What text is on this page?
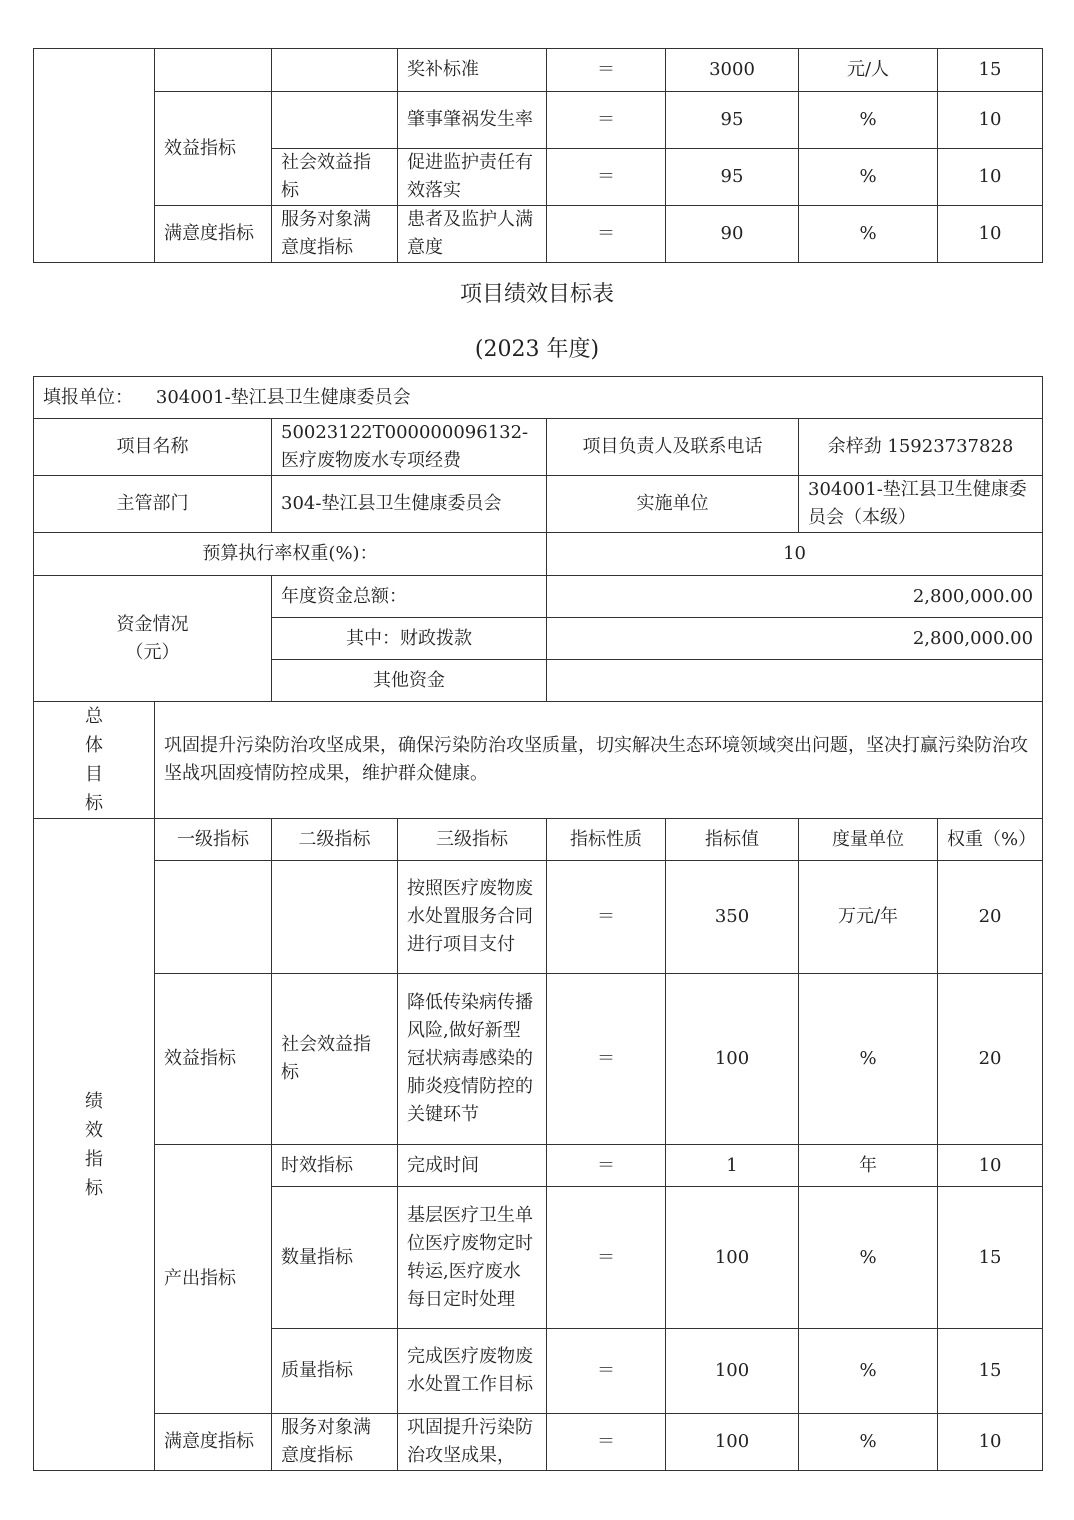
			奖补标准	＝	3000	元/人	15
	效益指标		肇事肇祸发生率	＝	95	%	10
		社会效益指标	促进监护责任有效落实	＝	95	%	10
	满意度指标	服务对象满意度指标	患者及监护人满意度	＝	90	%	10
项目绩效目标表
(2023 年度)
填报单位： 304001-垫江县卫生健康委员会							
项目名称		50023122T000000096132-医疗废物废水专项经费		项目负责人及联系电话		余梓劲 15923737828	
主管部门		304-垫江县卫生健康委员会		实施单位		304001-垫江县卫生健康委员会（本级）	
预算执行率权重(%)：				10			

资金情况（元）		年度资金总额：		2,800,000.00			
		其中：财政拨款		2,800,000.00			
		其他资金					

总
体
目
标	巩固提升污染防治攻坚成果，确保污染防治攻坚质量，切实解决生态环境领域突出问题，坚决打赢污染防治攻坚战巩固疫情防控成果，维护群众健康。						

绩
效
指
标	一级指标	二级指标	三级指标	指标性质	指标值	度量单位	权重（%）
			按照医疗废物废水处置服务合同进行项目支付	＝	350	万元/年	20
	效益指标	社会效益指标	降低传染病传播风险,做好新型冠状病毒感染的肺炎疫情防控的关键环节	＝	100	%	20
	产出指标	时效指标	完成时间	＝	1	年	10
		数量指标	基层医疗卫生单位医疗废物定时转运,医疗废水每日定时处理	＝	100	%	15
		质量指标	完成医疗废物废水处置工作目标	＝	100	%	15
	满意度指标	服务对象满意度指标	巩固提升污染防治攻坚成果，	＝	100	%	10
